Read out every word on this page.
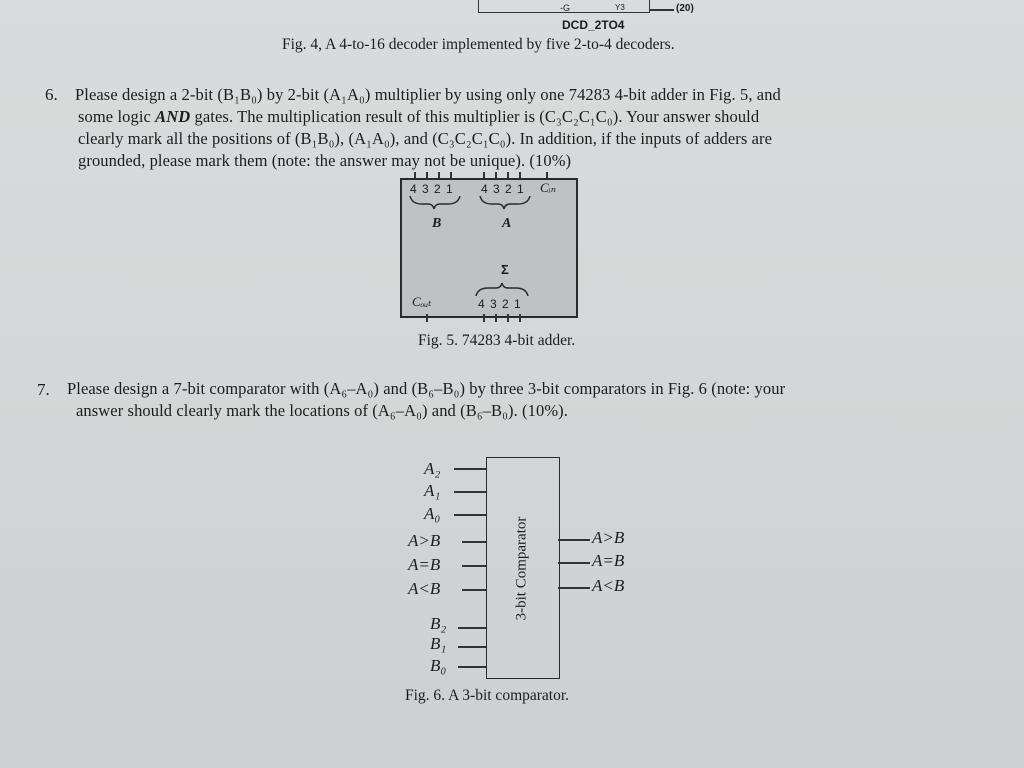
-G	Y3	(20)
DCD_2TO4
Fig. 4, A 4-to-16 decoder implemented by five 2-to-4 decoders.
6. Please design a 2-bit (B₁B₀) by 2-bit (A₁A₀) multiplier by using only one 74283 4-bit adder in Fig. 5, and
some logic AND gates. The multiplication result of this multiplier is (C₃C₂C₁C₀). Your answer should
clearly mark all the positions of (B₁B₀), (A₁A₀), and (C₃C₂C₁C₀). In addition, if the inputs of adders are
grounded, please mark them (note: the answer may not be unique). (10%)
4 3 2 1 4 3 2 1 Cᵢₙ
B	A
Σ
Cₒᵤₜ	4 3 2 1
Fig. 5. 74283 4-bit adder.
7. Please design a 7-bit comparator with (A₆–A₀) and (B₆–B₀) by three 3-bit comparators in Fig. 6 (note: your
answer should clearly mark the locations of (A₆–A₀) and (B₆–B₀). (10%).
3-bit Comparator
A₂
A₁
A₀
A>B
A=B
A<B
B₂
B₁
B₀
A>B
A=B
A<B
Fig. 6. A 3-bit comparator.
